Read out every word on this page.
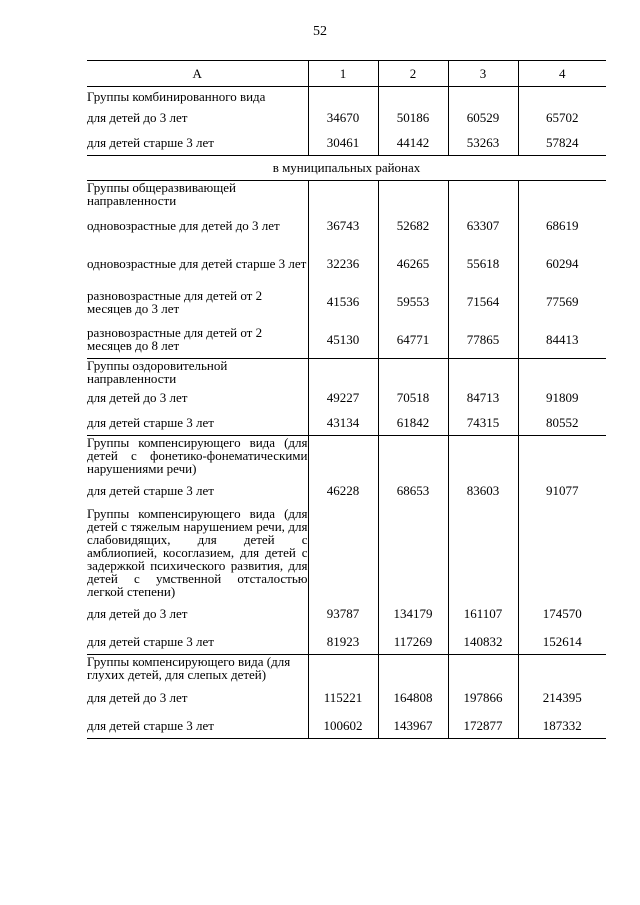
52
А	1	2	3	4
Группы комбинированного вида				
для детей до 3 лет	34670	50186	60529	65702
для детей старше 3 лет	30461	44142	53263	57824
в муниципальных районах				
Группы общеразвивающей направленности				
одновозрастные для детей до 3 лет	36743	52682	63307	68619
одновозрастные для детей старше 3 лет	32236	46265	55618	60294
разновозрастные для детей от 2 месяцев до 3 лет	41536	59553	71564	77569
разновозрастные для детей от 2 месяцев до 8 лет	45130	64771	77865	84413
Группы оздоровительной направленности				
для детей до 3 лет	49227	70518	84713	91809
для детей старше 3 лет	43134	61842	74315	80552
Группы компенсирующего вида (для детей с фонетико-фонематическими нарушениями речи)				
для детей старше 3 лет	46228	68653	83603	91077
Группы компенсирующего вида (для детей с тяжелым нарушением речи, для слабовидящих, для детей с амблиопией, косоглазием, для детей с задержкой психического развития, для детей с умственной отсталостью легкой степени)				
для детей до 3 лет	93787	134179	161107	174570
для детей старше 3 лет	81923	117269	140832	152614
Группы компенсирующего вида (для глухих детей, для слепых детей)				
для детей до 3 лет	115221	164808	197866	214395
для детей старше 3 лет	100602	143967	172877	187332
